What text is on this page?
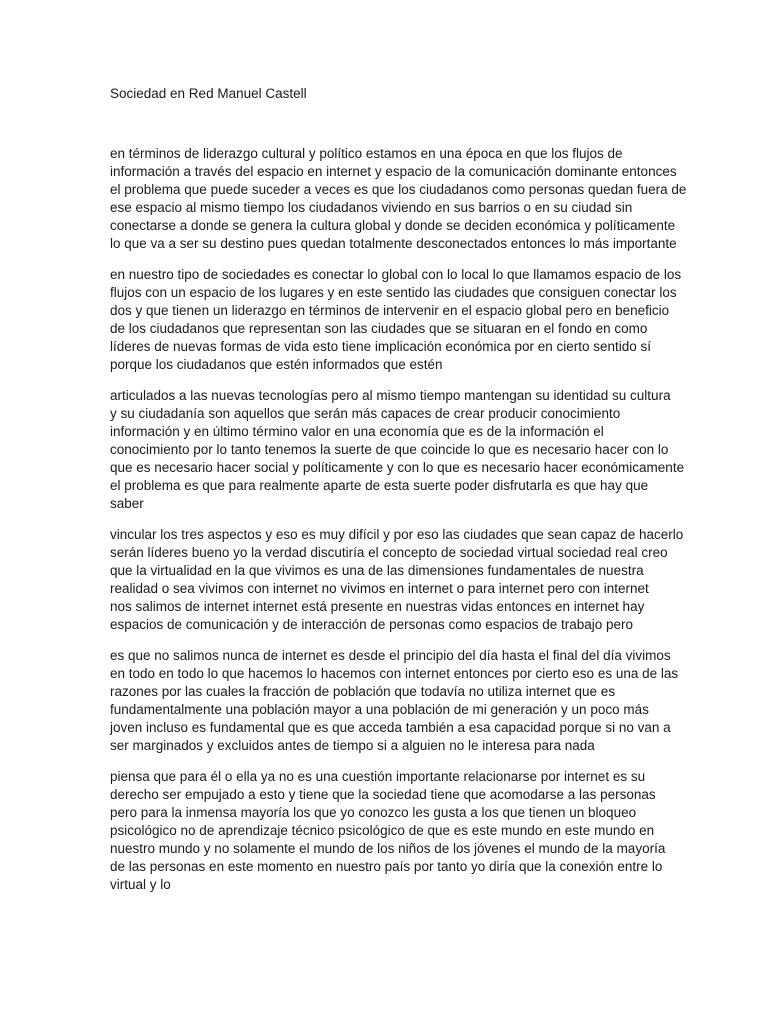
Sociedad en Red Manuel Castell

en términos de liderazgo cultural y político estamos en una época en que los flujos de
información a través del espacio en internet y espacio de la comunicación dominante entonces
el problema que puede suceder a veces es que los ciudadanos como personas quedan fuera de
ese espacio al mismo tiempo los ciudadanos viviendo en sus barrios o en su ciudad sin
conectarse a donde se genera la cultura global y donde se deciden económica y políticamente
lo que va a ser su destino pues quedan totalmente desconectados entonces lo más importante

en nuestro tipo de sociedades es conectar lo global con lo local lo que llamamos espacio de los
flujos con un espacio de los lugares y en este sentido las ciudades que consiguen conectar los
dos y que tienen un liderazgo en términos de intervenir en el espacio global pero en beneficio
de los ciudadanos que representan son las ciudades que se situaran en el fondo en como
líderes de nuevas formas de vida esto tiene implicación económica por en cierto sentido sí
porque los ciudadanos que estén informados que estén

articulados a las nuevas tecnologías pero al mismo tiempo mantengan su identidad su cultura
y su ciudadanía son aquellos que serán más capaces de crear producir conocimiento
información y en último término valor en una economía que es de la información el
conocimiento por lo tanto tenemos la suerte de que coincide lo que es necesario hacer con lo
que es necesario hacer social y políticamente y con lo que es necesario hacer económicamente
el problema es que para realmente aparte de esta suerte poder disfrutarla es que hay que
saber

vincular los tres aspectos y eso es muy difícil y por eso las ciudades que sean capaz de hacerlo
serán líderes bueno yo la verdad discutiría el concepto de sociedad virtual sociedad real creo
que la virtualidad en la que vivimos es una de las dimensiones fundamentales de nuestra
realidad o sea vivimos con internet no vivimos en internet o para internet pero con internet
nos salimos de internet internet está presente en nuestras vidas entonces en internet hay
espacios de comunicación y de interacción de personas como espacios de trabajo pero

es que no salimos nunca de internet es desde el principio del día hasta el final del día vivimos
en todo en todo lo que hacemos lo hacemos con internet entonces por cierto eso es una de las
razones por las cuales la fracción de población que todavía no utiliza internet que es
fundamentalmente una población mayor a una población de mi generación y un poco más
joven incluso es fundamental que es que acceda también a esa capacidad porque si no van a
ser marginados y excluidos antes de tiempo si a alguien no le interesa para nada

piensa que para él o ella ya no es una cuestión importante relacionarse por internet es su
derecho ser empujado a esto y tiene que la sociedad tiene que acomodarse a las personas
pero para la inmensa mayoría los que yo conozco les gusta a los que tienen un bloqueo
psicológico no de aprendizaje técnico psicológico de que es este mundo en este mundo en
nuestro mundo y no solamente el mundo de los niños de los jóvenes el mundo de la mayoría
de las personas en este momento en nuestro país por tanto yo diría que la conexión entre lo
virtual y lo
